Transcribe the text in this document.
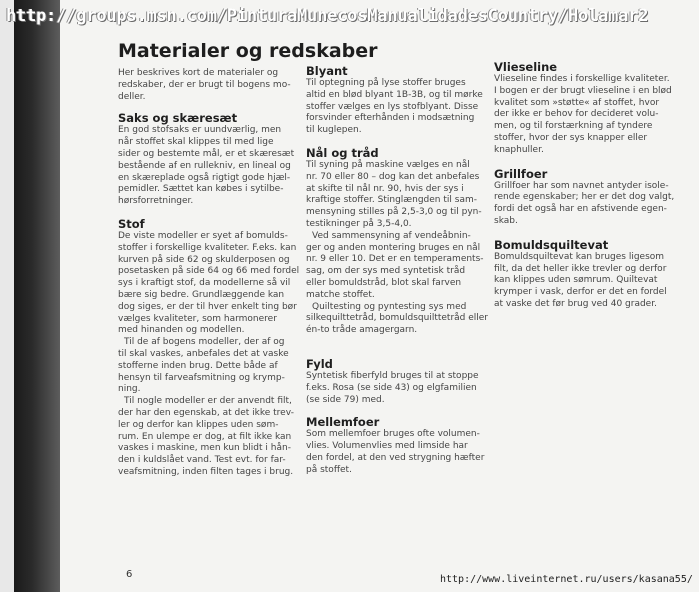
http://groups.msn.com/PinturaMunecosManualidadesCountry/Holamar2
Materialer og redskaber

Her beskrives kort de materialer og

redskaber, der er brugt til bogens mo-

deller.

Saks og skæresæt

En god stofsaks er uundværlig, men

når stoffet skal klippes til med lige

sider og bestemte mål, er et skæresæt

bestående af en rullekniv, en lineal og

en skæreplade også rigtigt gode hjæl-

pemidler. Sættet kan købes i sytilbe-

hørsforretninger.

Stof

De viste modeller er syet af bomulds-

stoffer i forskellige kvaliteter. F.eks. kan

kurven på side 62 og skulderposen og

posetasken på side 64 og 66 med fordel

sys i kraftigt stof, da modellerne så vil

bære sig bedre. Grundlæggende kan

dog siges, er der til hver enkelt ting bør

vælges kvaliteter, som harmonerer

med hinanden og modellen.

Til de af bogens modeller, der af og

til skal vaskes, anbefales det at vaske

stofferne inden brug. Dette både af

hensyn til farveafsmitning og krymp-

ning.

Til nogle modeller er der anvendt filt,

der har den egenskab, at det ikke trev-

ler og derfor kan klippes uden søm-

rum. En ulempe er dog, at filt ikke kan

vaskes i maskine, men kun blidt i hån-

den i kuldslået vand. Test evt. for far-

veafsmitning, inden filten tages i brug.

Blyant

Til optegning på lyse stoffer bruges

altid en blød blyant 1B-3B, og til mørke

stoffer vælges en lys stofblyant. Disse

forsvinder efterhånden i modsætning

til kuglepen.

Nål og tråd

Til syning på maskine vælges en nål

nr. 70 eller 80 – dog kan det anbefales

at skifte til nål nr. 90, hvis der sys i

kraftige stoffer. Stinglængden til sam-

mensyning stilles på 2,5-3,0 og til pyn-

testikninger på 3,5-4,0.

Ved sammensyning af vendeåbnin-

ger og anden montering bruges en nål

nr. 9 eller 10. Det er en temperaments-

sag, om der sys med syntetisk tråd

eller bomuldstråd, blot skal farven

matche stoffet.

Quiltesting og pyntesting sys med

silkequilttetråd, bomuldsquilttetråd eller

én-to tråde amagergarn.

Fyld

Syntetisk fiberfyld bruges til at stoppe

f.eks. Rosa (se side 43) og elgfamilien

(se side 79) med.

Mellemfoer

Som mellemfoer bruges ofte volumen-

vlies. Volumenvlies med limside har

den fordel, at den ved strygning hæfter

på stoffet.

Vlieseline

Vlieseline findes i forskellige kvaliteter.

I bogen er der brugt vlieseline i en blød

kvalitet som »støtte« af stoffet, hvor

der ikke er behov for decideret volu-

men, og til forstærkning af tyndere

stoffer, hvor der sys knapper eller

knaphuller.

Grillfoer

Grillfoer har som navnet antyder isole-

rende egenskaber; her er det dog valgt,

fordi det også har en afstivende egen-

skab.

Bomuldsquiltevat

Bomuldsquiltevat kan bruges ligesom

filt, da det heller ikke trevler og derfor

kan klippes uden sømrum. Quiltevat

krymper i vask, derfor er det en fordel

at vaske det før brug ved 40 grader.

6	http://www.liveinternet.ru/users/kasana55/
